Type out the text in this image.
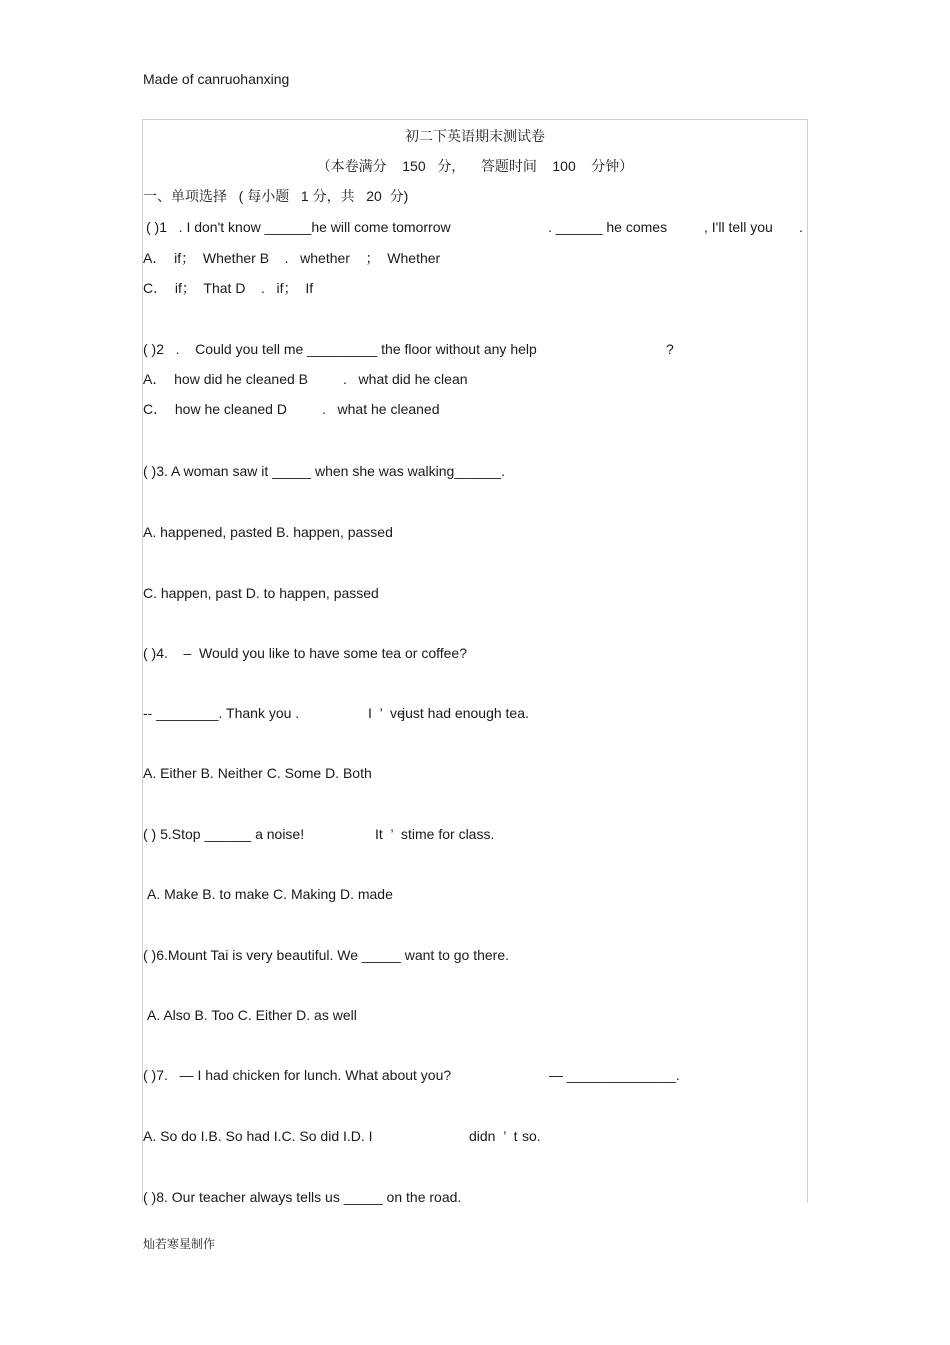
Made of canruohanxing
初二下英语期末测试卷
（本卷满分    150   分，    答题时间    100    分钟）
一、单项选择   ( 每小题   1 分，共   20  分)
( )1   . I don't know ______he will come tomorrow	. ______ he comes	, I'll tell you .
A．  if；  Whether B    .   whether    ；  Whether
C．  if；  That D    .   if；  If
( )2   .    Could you tell me _________ the floor without any help	?
A．  how did he cleaned B         .   what did he clean
C．  how he cleaned D         .   what he cleaned
( )3. A woman saw it _____ when she was walking______.
A. happened, pasted B. happen, passed
C. happen, past D. to happen, passed
( )4.    –  Would you like to have some tea or coffee?
-- ________. Thank you .	I  ’  ve
just had enough tea.
A. Either B. Neither C. Some D. Both
( ) 5.Stop ______ a noise!	It  ’  s time for class.
A. Make B. to make C. Making D. made
( )6.Mount Tai is very beautiful. We _____ want to go there.
A. Also B. Too C. Either D. as well
( )7.   — I had chicken for lunch. What about you?	— ______________.
A. So do I.B. So had I.C. So did I.D. I	didn  ’  t so.
( )8. Our teacher always tells us _____ on the road.
灿若寒星制作
